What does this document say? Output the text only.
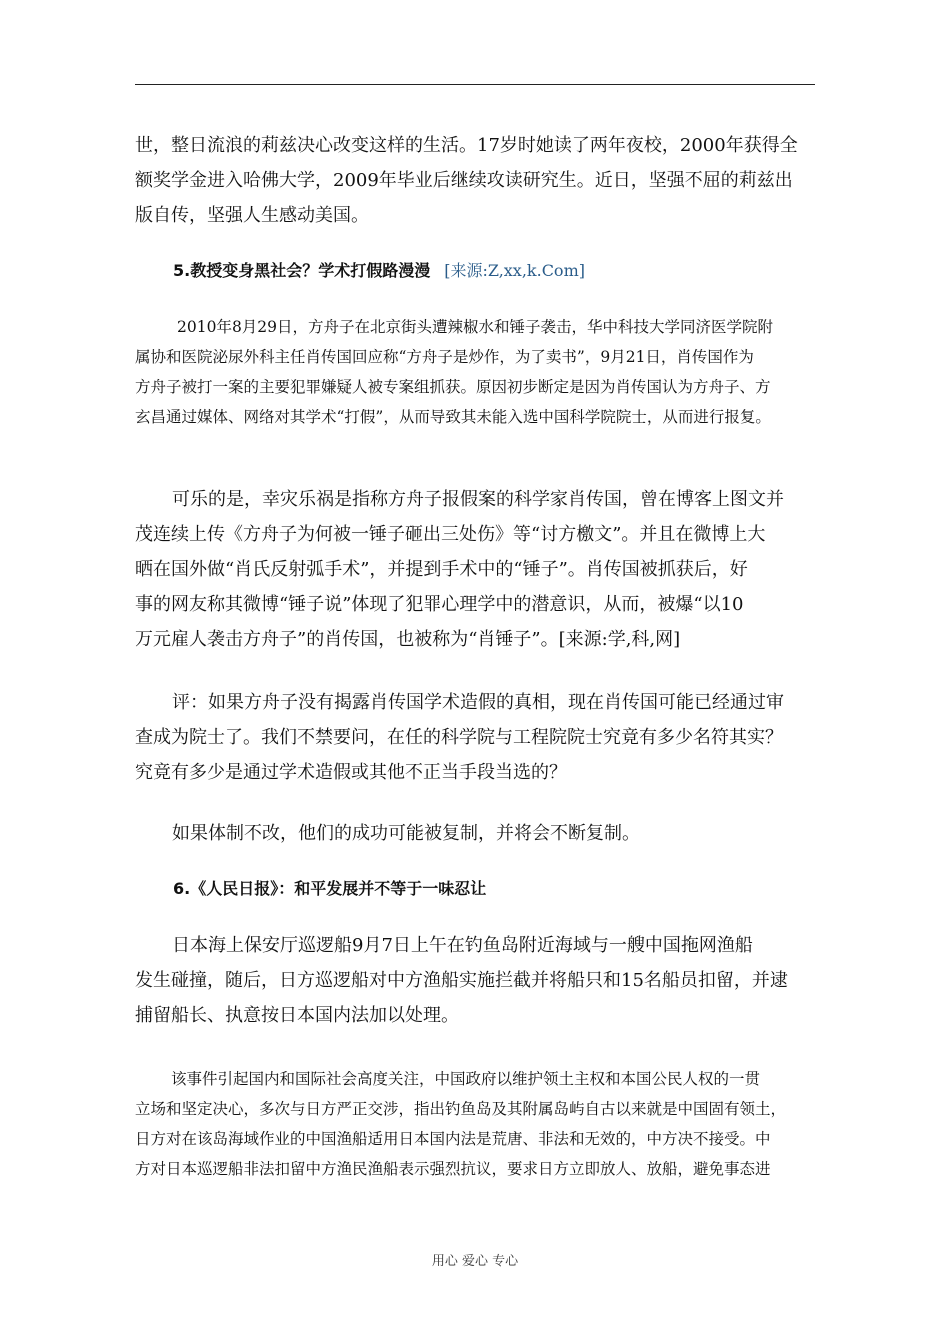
世，整日流浪的莉兹决心改变这样的生活。17岁时她读了两年夜校，2000年获得全
额奖学金进入哈佛大学，2009年毕业后继续攻读研究生。近日，坚强不屈的莉兹出
版自传，坚强人生感动美国。
5.教授变身黑社会？学术打假路漫漫 [来源:Z,xx,k.Com]
2010年8月29日，方舟子在北京街头遭辣椒水和锤子袭击，华中科技大学同济医学院附
属协和医院泌尿外科主任肖传国回应称“方舟子是炒作，为了卖书”，9月21日，肖传国作为
方舟子被打一案的主要犯罪嫌疑人被专案组抓获。原因初步断定是因为肖传国认为方舟子、方
玄昌通过媒体、网络对其学术“打假”，从而导致其未能入选中国科学院院士，从而进行报复。
可乐的是，幸灾乐祸是指称方舟子报假案的科学家肖传国，曾在博客上图文并
茂连续上传《方舟子为何被一锤子砸出三处伤》等“讨方檄文”。并且在微博上大
晒在国外做“肖氏反射弧手术”，并提到手术中的“锤子”。肖传国被抓获后，好
事的网友称其微博“锤子说”体现了犯罪心理学中的潜意识，从而，被爆“以10
万元雇人袭击方舟子”的肖传国，也被称为“肖锤子”。[来源:学,科,网]
评：如果方舟子没有揭露肖传国学术造假的真相，现在肖传国可能已经通过审
查成为院士了。我们不禁要问，在任的科学院与工程院院士究竟有多少名符其实？
究竟有多少是通过学术造假或其他不正当手段当选的？
如果体制不改，他们的成功可能被复制，并将会不断复制。
6.《人民日报》：和平发展并不等于一味忍让
日本海上保安厅巡逻船9月7日上午在钓鱼岛附近海域与一艘中国拖网渔船
发生碰撞，随后，日方巡逻船对中方渔船实施拦截并将船只和15名船员扣留，并逮
捕留船长、执意按日本国内法加以处理。
该事件引起国内和国际社会高度关注，中国政府以维护领土主权和本国公民人权的一贯
立场和坚定决心，多次与日方严正交涉，指出钓鱼岛及其附属岛屿自古以来就是中国固有领土，
日方对在该岛海域作业的中国渔船适用日本国内法是荒唐、非法和无效的，中方决不接受。中
方对日本巡逻船非法扣留中方渔民渔船表示强烈抗议，要求日方立即放人、放船，避免事态进
用心 爱心 专心
